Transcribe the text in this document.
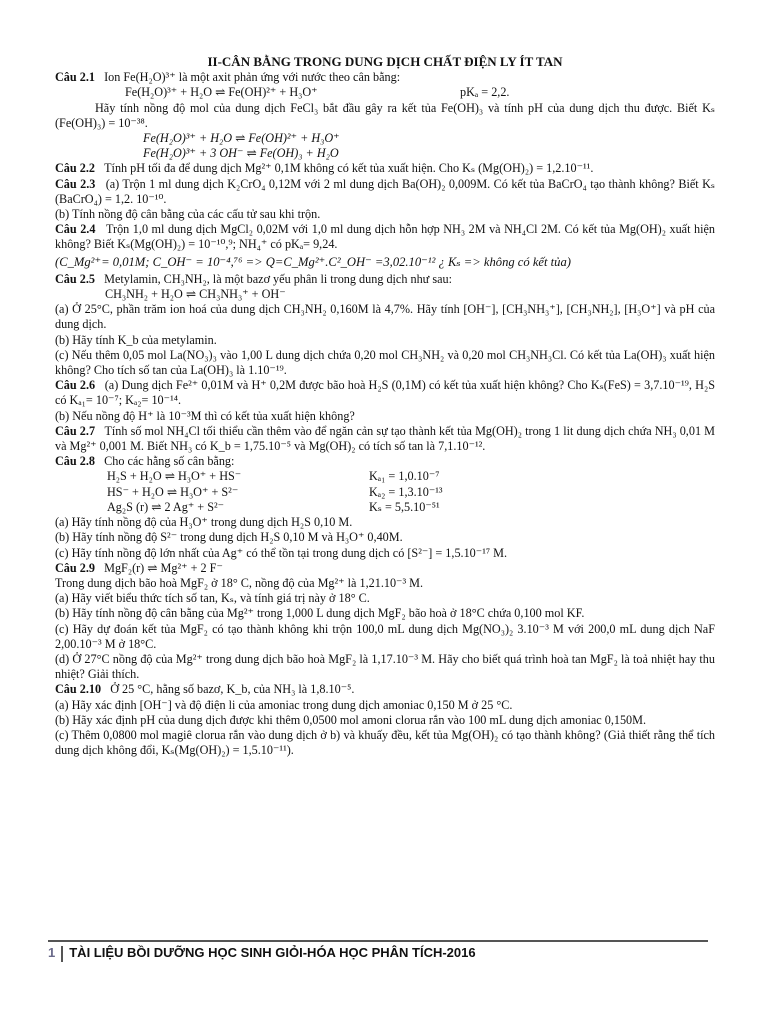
II-CÂN BẰNG TRONG DUNG DỊCH CHẤT ĐIỆN LY ÍT TAN

Câu 2.1 Ion Fe(H₂O)³⁺ là một axit phản ứng với nước theo cân bằng:

Fe(H₂O)³⁺ + H₂O ⇌ Fe(OH)²⁺ + H₃O⁺	pKₐ = 2,2.

Hãy tính nồng độ mol của dung dịch FeCl₃ bắt đầu gây ra kết tủa Fe(OH)₃ và tính pH của dung dịch thu được. Biết Kₛ (Fe(OH)₃) = 10⁻³⁸.

Fe(H₂O)³⁺ + H₂O ⇌ Fe(OH)²⁺ + H₃O⁺
Fe(H₂O)³⁺ + 3 OH⁻ ⇌ Fe(OH)₃ + H₂O

Câu 2.2 Tính pH tối đa để dung dịch Mg²⁺ 0,1M không có kết tủa xuất hiện. Cho Kₛ (Mg(OH)₂) = 1,2.10⁻¹¹.

Câu 2.3 (a) Trộn 1 ml dung dịch K₂CrO₄ 0,12M với 2 ml dung dịch Ba(OH)₂ 0,009M. Có kết tủa BaCrO₄ tạo thành không? Biết Kₛ (BaCrO₄) = 1,2. 10⁻¹⁰.

(b) Tính nồng độ cân bằng của các cấu tử sau khi trộn.

Câu 2.4 Trộn 1,0 ml dung dịch MgCl₂ 0,02M với 1,0 ml dung dịch hỗn hợp NH₃ 2M và NH₄Cl 2M. Có kết tủa Mg(OH)₂ xuất hiện không? Biết Kₛ(Mg(OH)₂) = 10⁻¹⁰,⁹; NH₄⁺ có pKₐ= 9,24.

(C_Mg²⁺= 0,01M; C_OH⁻ = 10⁻⁴,⁷⁶ => Q=C_Mg²⁺.C²_OH⁻ =3,02.10⁻¹² ¿ Kₛ => không có kết tủa)

Câu 2.5 Metylamin, CH₃NH₂, là một bazơ yếu phân li trong dung dịch như sau:

CH₃NH₂ + H₂O ⇌ CH₃NH₃⁺ + OH⁻

(a) Ở 25°C, phần trăm ion hoá của dung dịch CH₃NH₂ 0,160M là 4,7%. Hãy tính [OH⁻], [CH₃NH₃⁺], [CH₃NH₂], [H₃O⁺] và pH của dung dịch.

(b) Hãy tính K_b của metylamin.

(c) Nếu thêm 0,05 mol La(NO₃)₃ vào 1,00 L dung dịch chứa 0,20 mol CH₃NH₂ và 0,20 mol CH₃NH₃Cl. Có kết tủa La(OH)₃ xuất hiện không? Cho tích số tan của La(OH)₃ là 1.10⁻¹⁹.

Câu 2.6 (a) Dung dịch Fe²⁺ 0,01M và H⁺ 0,2M được bão hoà H₂S (0,1M) có kết tủa xuất hiện không? Cho Kₛ(FeS) = 3,7.10⁻¹⁹, H₂S có Kₐ₁= 10⁻⁷; Kₐ₂= 10⁻¹⁴.

(b) Nếu nồng độ H⁺ là 10⁻³M thì có kết tủa xuất hiện không?

Câu 2.7 Tính số mol NH₄Cl tối thiểu cần thêm vào để ngăn cản sự tạo thành kết tủa Mg(OH)₂ trong 1 lit dung dịch chứa NH₃ 0,01 M và Mg²⁺ 0,001 M. Biết NH₃ có K_b = 1,75.10⁻⁵ và Mg(OH)₂ có tích số tan là 7,1.10⁻¹².

Câu 2.8 Cho các hằng số cân bằng:

H₂S + H₂O ⇌ H₃O⁺ + HS⁻	Kₐ₁ = 1,0.10⁻⁷
HS⁻ + H₂O ⇌ H₃O⁺ + S²⁻	Kₐ₂ = 1,3.10⁻¹³
Ag₂S (r) ⇌ 2 Ag⁺ + S²⁻	Kₛ = 5,5.10⁻⁵¹

(a) Hãy tính nồng độ của H₃O⁺ trong dung dịch H₂S 0,10 M.

(b) Hãy tính nồng độ S²⁻ trong dung dịch H₂S 0,10 M và H₃O⁺ 0,40M.

(c) Hãy tính nồng độ lớn nhất của Ag⁺ có thể tồn tại trong dung dịch có [S²⁻] = 1,5.10⁻¹⁷ M.

Câu 2.9 MgF₂(r) ⇌ Mg²⁺ + 2 F⁻

Trong dung dịch bão hoà MgF₂ ở 18° C, nồng độ của Mg²⁺ là 1,21.10⁻³ M.

(a) Hãy viết biểu thức tích số tan, Kₛ, và tính giá trị này ở 18° C.

(b) Hãy tính nồng độ cân bằng của Mg²⁺ trong 1,000 L dung dịch MgF₂ bão hoà ở 18°C chứa 0,100 mol KF.

(c) Hãy dự đoán kết tủa MgF₂ có tạo thành không khi trộn 100,0 mL dung dịch Mg(NO₃)₂ 3.10⁻³ M với 200,0 mL dung dịch NaF 2,00.10⁻³ M ở 18°C.

(d) Ở 27°C nồng độ của Mg²⁺ trong dung dịch bão hoà MgF₂ là 1,17.10⁻³ M. Hãy cho biết quá trình hoà tan MgF₂ là toả nhiệt hay thu nhiệt? Giải thích.

Câu 2.10 Ở 25 °C, hằng số bazơ, K_b, của NH₃ là 1,8.10⁻⁵.

(a) Hãy xác định [OH⁻] và độ điện li của amoniac trong dung dịch amoniac 0,150 M ở 25 °C.

(b) Hãy xác định pH của dung dịch được khi thêm 0,0500 mol amoni clorua rắn vào 100 mL dung dịch amoniac 0,150M.

(c) Thêm 0,0800 mol magiê clorua rắn vào dung dịch ở b) và khuấy đều, kết tủa Mg(OH)₂ có tạo thành không? (Giả thiết rằng thể tích dung dịch không đổi, Kₛ(Mg(OH)₂) = 1,5.10⁻¹¹).

1 TÀI LIỆU BỒI DƯỠNG HỌC SINH GIỎI-HÓA HỌC PHÂN TÍCH-2016
